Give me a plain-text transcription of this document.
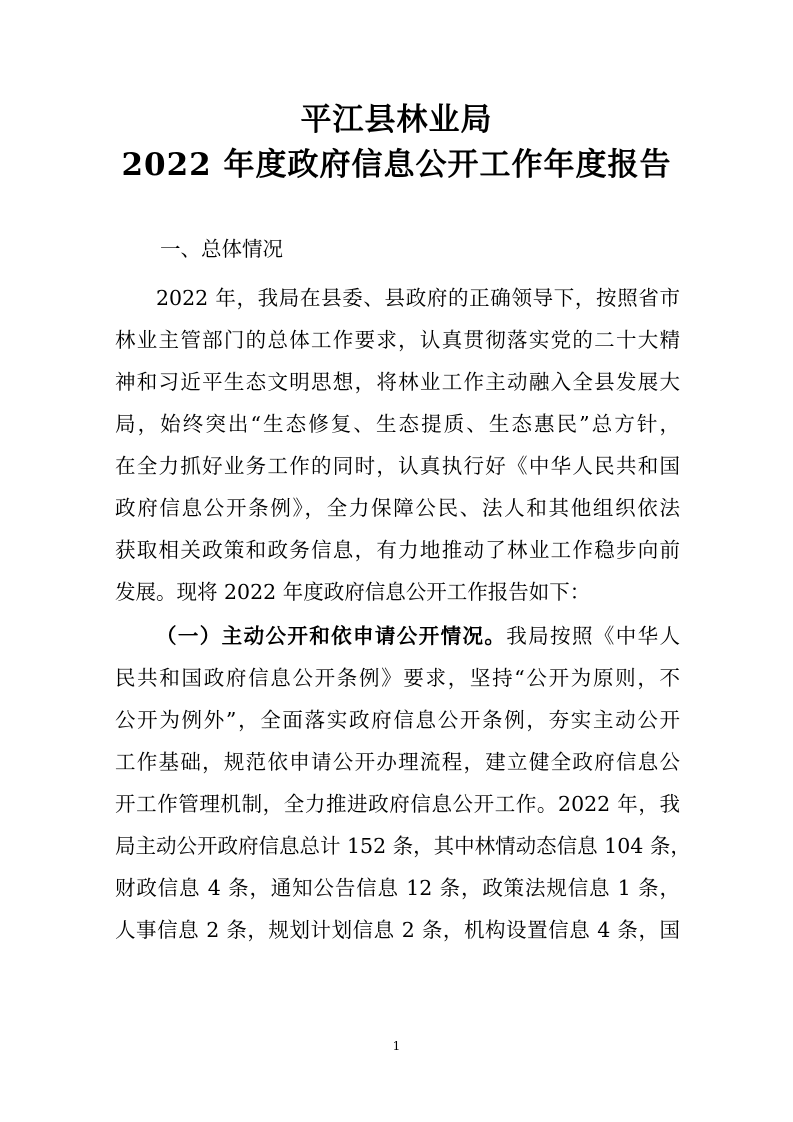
平江县林业局
2022 年度政府信息公开工作年度报告
一、总体情况
2022 年，我局在县委、县政府的正确领导下，按照省市
林业主管部门的总体工作要求，认真贯彻落实党的二十大精
神和习近平生态文明思想，将林业工作主动融入全县发展大
局，始终突出“生态修复、生态提质、生态惠民”总方针，
在全力抓好业务工作的同时，认真执行好《中华人民共和国
政府信息公开条例》，全力保障公民、法人和其他组织依法
获取相关政策和政务信息，有力地推动了林业工作稳步向前
发展。现将 2022 年度政府信息公开工作报告如下：
（一）主动公开和依申请公开情况。我局按照《中华人
民共和国政府信息公开条例》要求，坚持“公开为原则，不
公开为例外”，全面落实政府信息公开条例，夯实主动公开
工作基础，规范依申请公开办理流程，建立健全政府信息公
开工作管理机制，全力推进政府信息公开工作。2022 年，我
局主动公开政府信息总计 152 条，其中林情动态信息 104 条，
财政信息 4 条，通知公告信息 12 条，政策法规信息 1 条，
人事信息 2 条，规划计划信息 2 条，机构设置信息 4 条，国
1
